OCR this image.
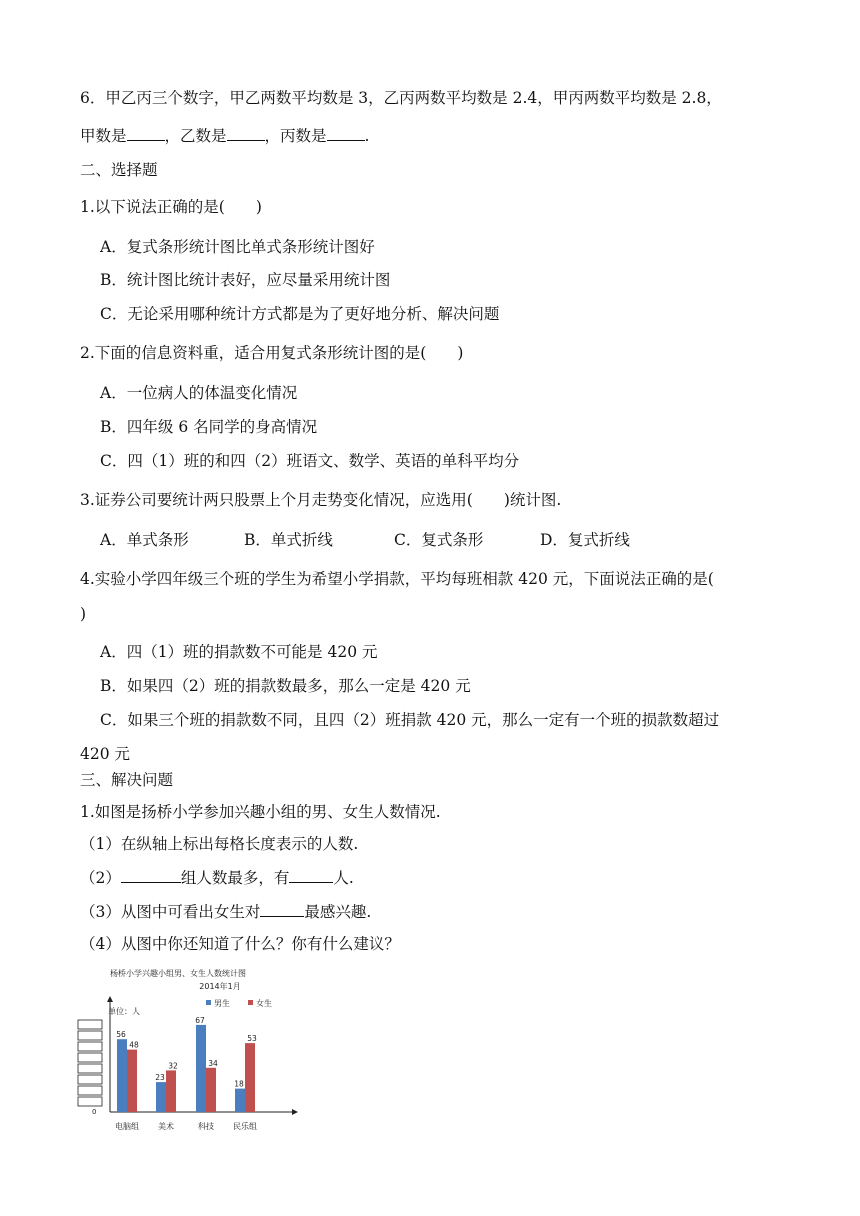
6．甲乙丙三个数字，甲乙两数平均数是 3，乙丙两数平均数是 2.4，甲丙两数平均数是 2.8，
甲数是 ，乙数是 ，丙数是 .
二、选择题
1.以下说法正确的是(　　)
A．复式条形统计图比单式条形统计图好
B．统计图比统计表好，应尽量采用统计图
C．无论采用哪种统计方式都是为了更好地分析、解决问题
2.下面的信息资料重，适合用复式条形统计图的是(　　)
A．一位病人的体温变化情况
B．四年级 6 名同学的身高情况
C．四（1）班的和四（2）班语文、数学、英语的单科平均分
3.证券公司要统计两只股票上个月走势变化情况，应选用(　　)统计图.
A．单式条形	B．单式折线	C．复式条形	D．复式折线
4.实验小学四年级三个班的学生为希望小学捐款，平均每班相款 420 元，下面说法正确的是(
)
A．四（1）班的捐款数不可能是 420 元
B．如果四（2）班的捐款数最多，那么一定是 420 元
C．如果三个班的捐款数不同，且四（2）班捐款 420 元，那么一定有一个班的损款数超过
420 元
三、解决问题
1.如图是扬桥小学参加兴趣小组的男、女生人数情况.
（1）在纵轴上标出每格长度表示的人数.
（2）	组人数最多，有	人.
（3）从图中可看出女生对	最感兴趣.
（4）从图中你还知道了什么？你有什么建议？
杨桥小学兴趣小组男、女生人数统计图
2014年1月
单位：人
男生	女生
56
48
23
32
67
34
18
53
电脑组 美术	科技 民乐组
0
